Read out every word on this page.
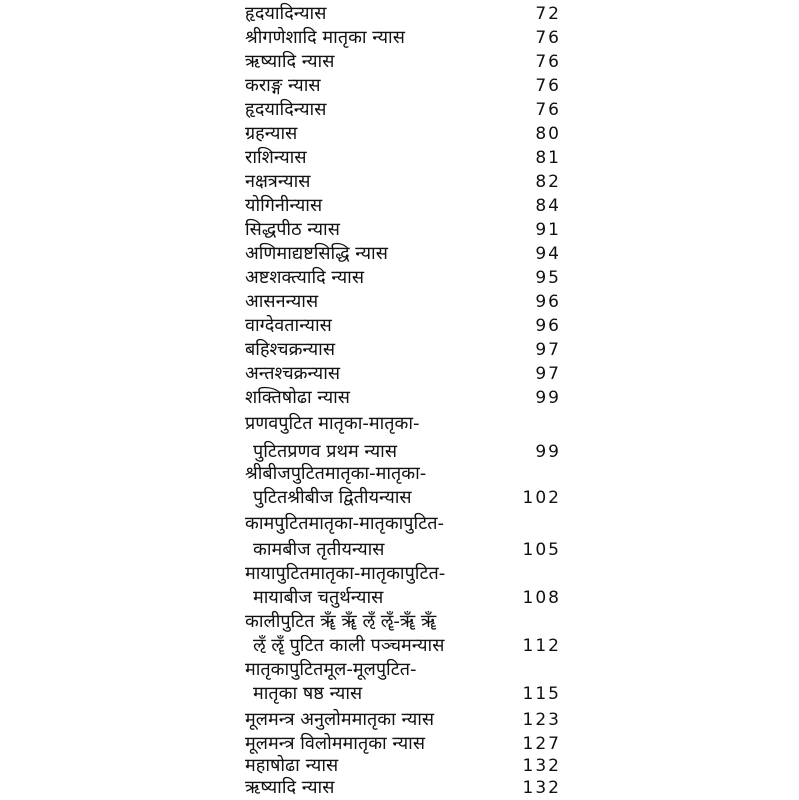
हृदयादिन्यास	72
श्रीगणेशादि मातृका न्यास	76
ऋष्यादि न्यास	76
कराङ्ग न्यास	76
हृदयादिन्यास	76
ग्रहन्यास	80
राशिन्यास	81
नक्षत्रन्यास	82
योगिनीन्यास	84
सिद्धपीठ न्यास	91
अणिमाद्यष्टसिद्धि न्यास	94
अष्टशक्त्यादि न्यास	95
आसनन्यास	96
वाग्देवतान्यास	96
बहिश्चक्रन्यास	97
अन्तश्चक्रन्यास	97
शक्तिषोढा न्यास	99
प्रणवपुटित मातृका-मातृका-
पुटितप्रणव प्रथम न्यास	99
श्रीबीजपुटितमातृका-मातृका-
पुटितश्रीबीज द्वितीयन्यास	102
कामपुटितमातृका-मातृकापुटित-
कामबीज तृतीयन्यास	105
मायापुटितमातृका-मातृकापुटित-
मायाबीज चतुर्थन्यास	108
कालीपुटित ॠँ ॠँ ऌँ ॡँ-ॠँ ॠँ
ऌँ ॡँ पुटित काली पञ्चमन्यास	112
मातृकापुटितमूल-मूलपुटित-
मातृका षष्ठ न्यास	115
मूलमन्त्र अनुलोममातृका न्यास	123
मूलमन्त्र विलोममातृका न्यास	127
महाषोढा न्यास	132
ऋष्यादि न्यास	132
